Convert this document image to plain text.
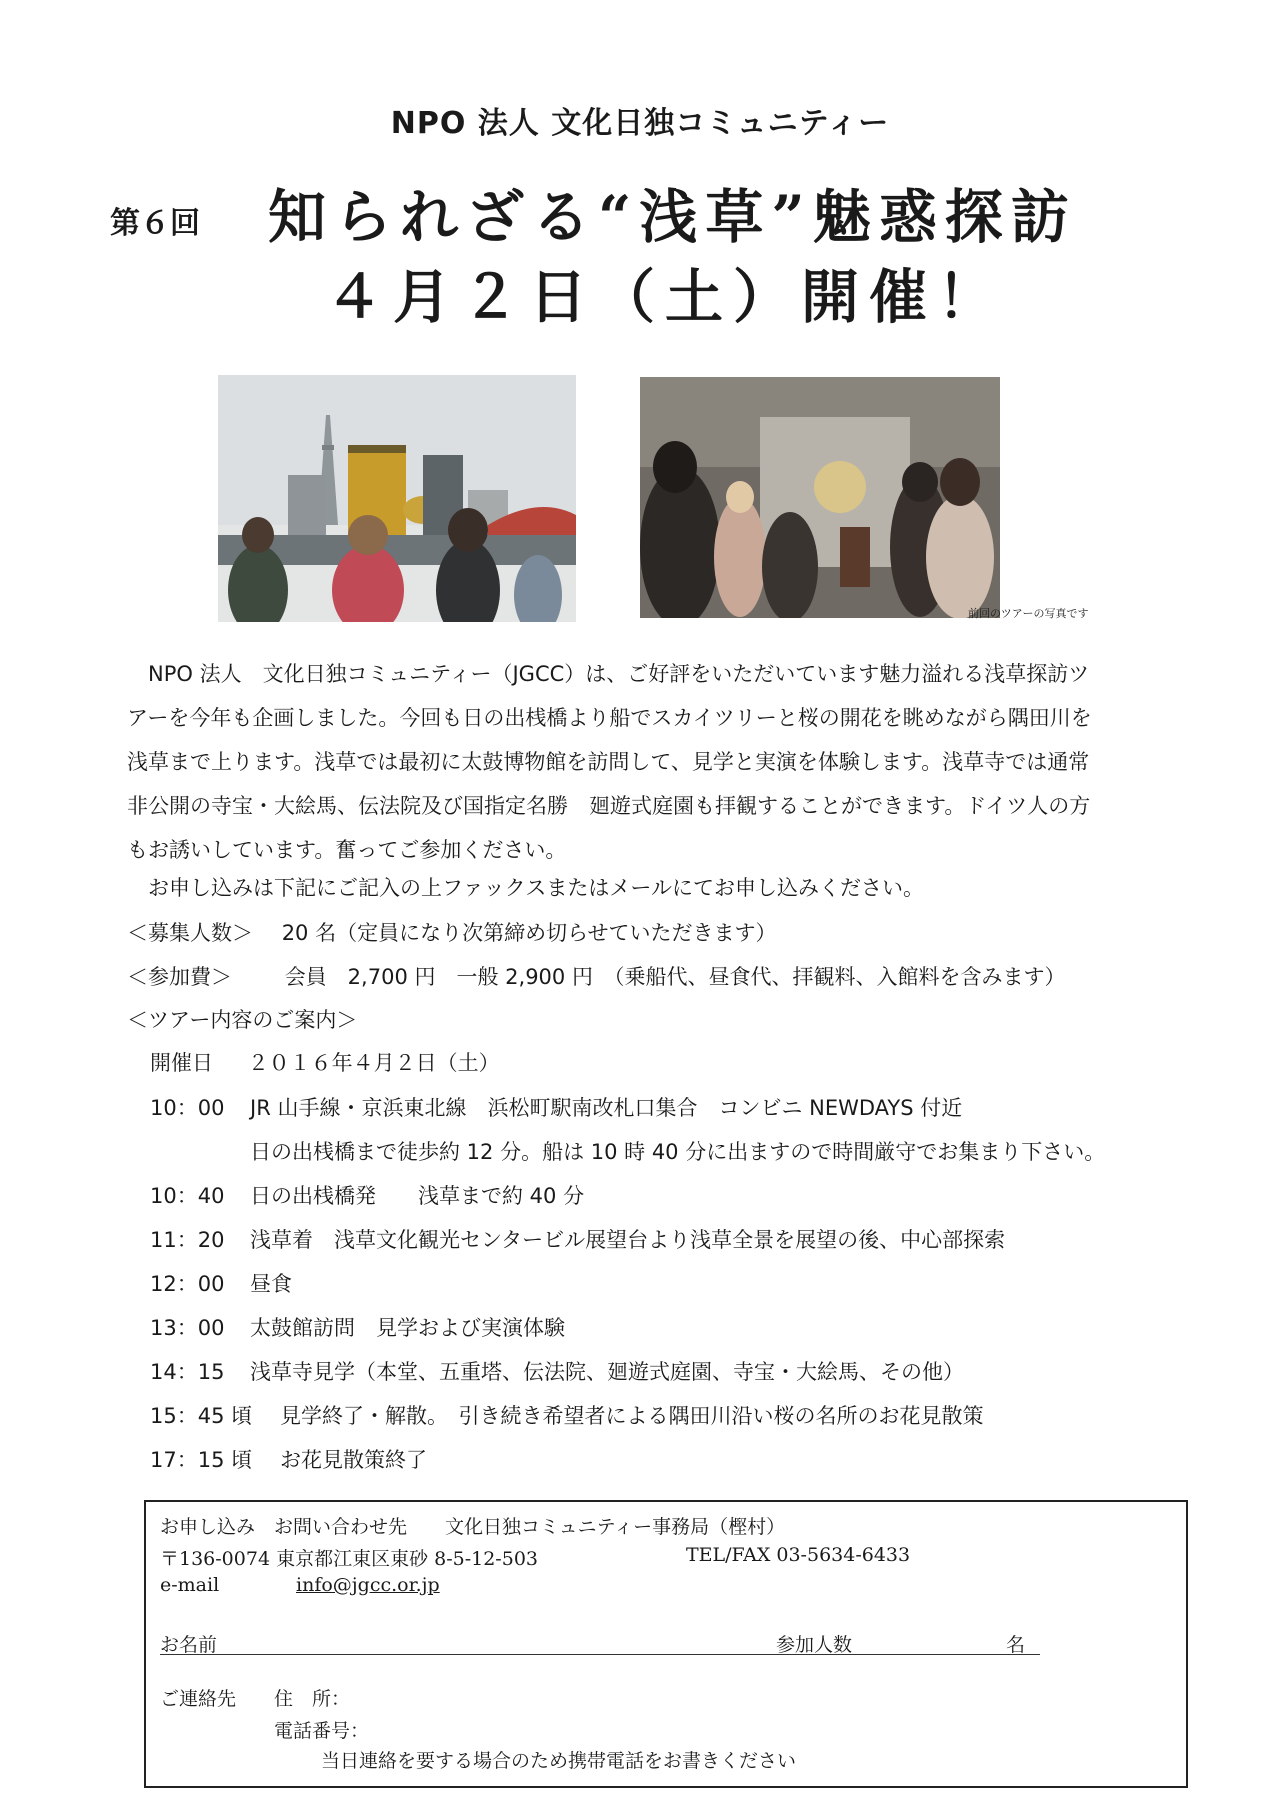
NPO 法人 文化日独コミュニティー
第６回 知られざる“浅草”魅惑探訪
４月２日（土）開催！
前回のツアーの写真です
NPO 法人　文化日独コミュニティー（JGCC）は、ご好評をいただいています魅力溢れる浅草探訪ツ
アーを今年も企画しました。今回も日の出桟橋より船でスカイツリーと桜の開花を眺めながら隅田川を
浅草まで上ります。浅草では最初に太鼓博物館を訪問して、見学と実演を体験します。浅草寺では通常
非公開の寺宝・大絵馬、伝法院及び国指定名勝　廻遊式庭園も拝観することができます。ドイツ人の方
もお誘いしています。奮ってご参加ください。
お申し込みは下記にご記入の上ファックスまたはメールにてお申し込みください。
＜募集人数＞ 20 名（定員になり次第締め切らせていただきます）
＜参加費＞	会員　2,700 円　一般 2,900 円　（乗船代、昼食代、拝観料、入館料を含みます）
＜ツアー内容のご案内＞
開催日 ２０１６年４月２日（土）
10：00 JR 山手線・京浜東北線　浜松町駅南改札口集合　コンビニ NEWDAYS 付近
日の出桟橋まで徒歩約 12 分。船は 10 時 40 分に出ますので時間厳守でお集まり下さい。
10：40 日の出桟橋発　　浅草まで約 40 分
11：20 浅草着　浅草文化観光センタービル展望台より浅草全景を展望の後、中心部探索
12：00 昼食
13：00 太鼓館訪問　見学および実演体験
14：15 浅草寺見学（本堂、五重塔、伝法院、廻遊式庭園、寺宝・大絵馬、その他）
15：45 頃 見学終了・解散。　引き続き希望者による隅田川沿い桜の名所のお花見散策
17：15 頃 お花見散策終了
お申し込み　お問い合わせ先　　文化日独コミュニティー事務局（樫村）
〒136-0074 東京都江東区東砂 8-5-12-503	TEL/FAX 03-5634-6433
e-mail	info@jgcc.or.jp
お名前	参加人数	名
ご連絡先 住　所：
電話番号：
当日連絡を要する場合のため携帯電話をお書きください
